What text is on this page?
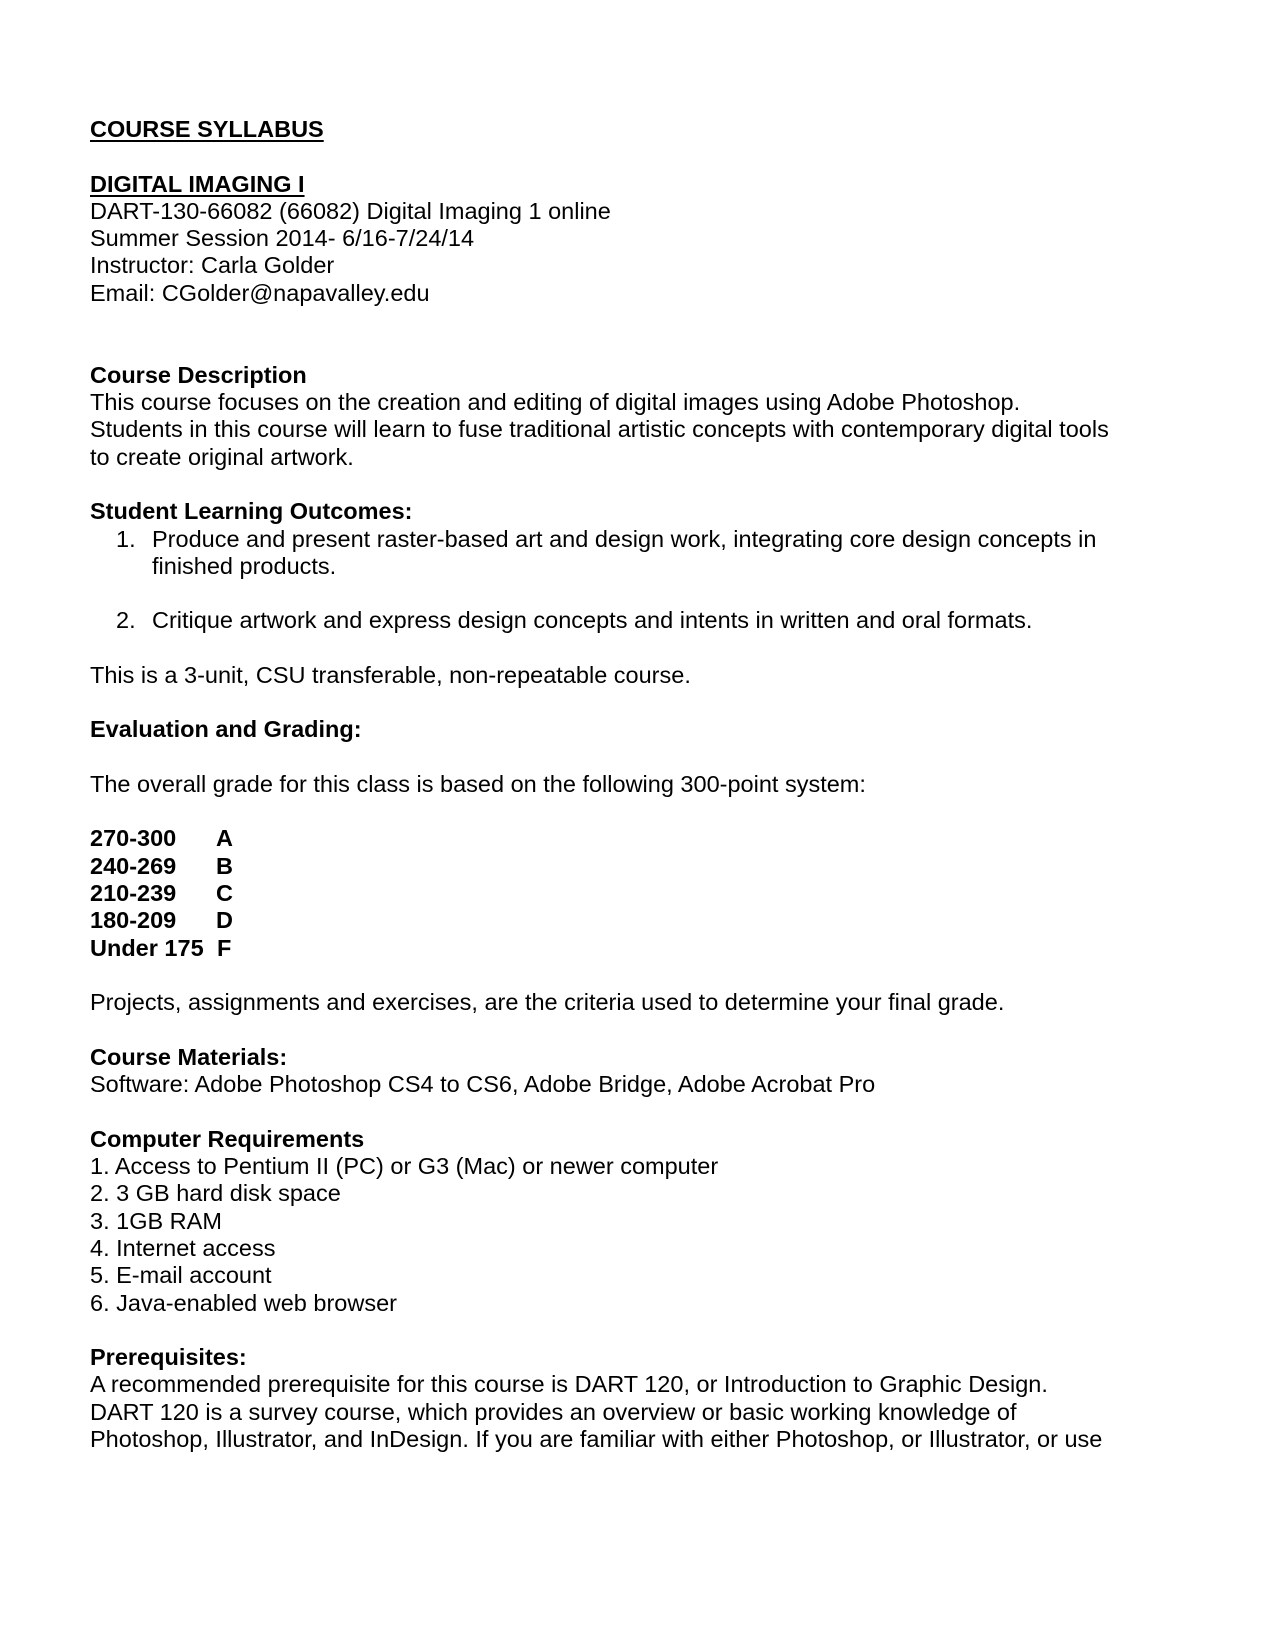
COURSE SYLLABUS

DIGITAL IMAGING I

DART-130-66082 (66082) Digital Imaging 1 online

Summer Session 2014- 6/16-7/24/14

Instructor: Carla Golder

Email: CGolder@napavalley.edu

Course Description

This course focuses on the creation and editing of digital images using Adobe Photoshop.

Students in this course will learn to fuse traditional artistic concepts with contemporary digital tools

to create original artwork.

Student Learning Outcomes:

1. Produce and present raster-based art and design work, integrating core design concepts in

finished products.

2. Critique artwork and express design concepts and intents in written and oral formats.

This is a 3-unit, CSU transferable, non-repeatable course.

Evaluation and Grading:

The overall grade for this class is based on the following 300-point system:

270-300 A

240-269 B

210-239 C

180-209 D

Under 175 F

Projects, assignments and exercises, are the criteria used to determine your final grade.

Course Materials:

Software: Adobe Photoshop CS4 to CS6, Adobe Bridge, Adobe Acrobat Pro

Computer Requirements

1. Access to Pentium II (PC) or G3 (Mac) or newer computer

2. 3 GB hard disk space

3. 1GB RAM

4. Internet access

5. E-mail account

6. Java-enabled web browser

Prerequisites:

A recommended prerequisite for this course is DART 120, or Introduction to Graphic Design.

DART 120 is a survey course, which provides an overview or basic working knowledge of

Photoshop, Illustrator, and InDesign. If you are familiar with either Photoshop, or Illustrator, or use
